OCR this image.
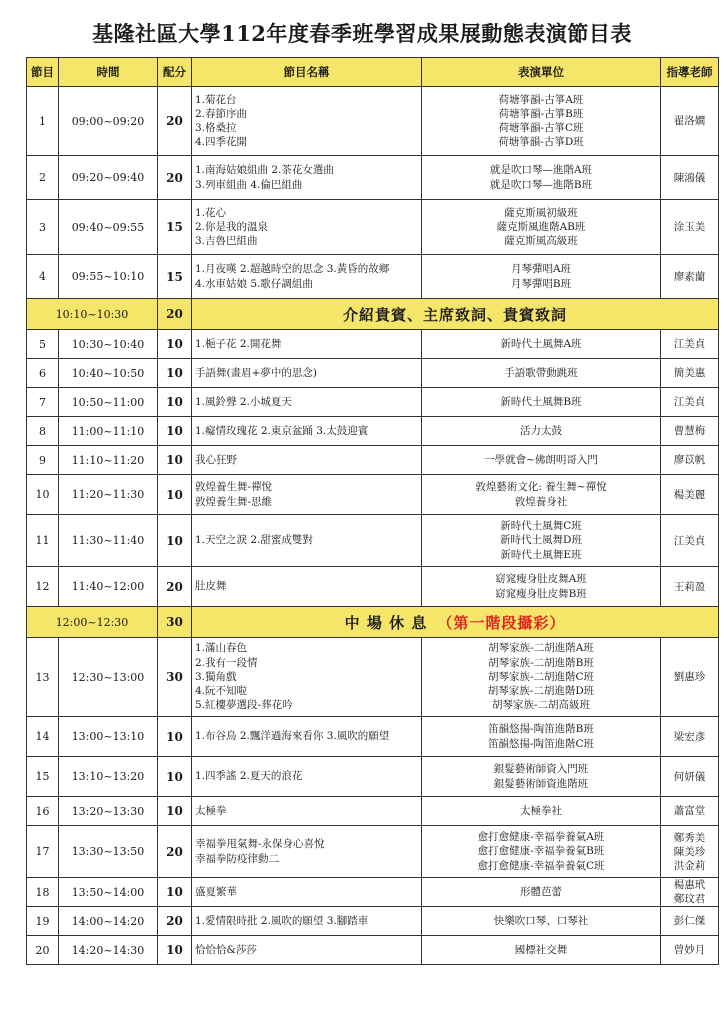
基隆社區大學112年度春季班學習成果展動態表演節目表
節目	時間	配分	節目名稱	表演單位	指導老師
1	09:00~09:20	20	1.菊花台
2.春節序曲
3.格桑拉
4.四季花開	荷塘箏韻-古箏A班
荷塘箏韻-古箏B班
荷塘箏韻-古箏C班
荷塘箏韻-古箏D班	翟洛嫺

2	09:20~09:40	20	1.南海姑娘組曲 2.茶花女選曲
3.列車組曲 4.倫巴組曲	就是吹口琴—進階A班
就是吹口琴—進階B班	陳鴻儀

3	09:40~09:55	15	1.花心
2.你是我的溫泉
3.吉魯巴組曲	薩克斯風初級班
薩克斯風進階AB班
薩克斯風高級班	涂玉美

4	09:55~10:10	15	1.月夜嘆 2.超越時空的思念 3.黃昏的故鄉
4.水車姑娘 5.歌仔調組曲	月琴彈唱A班
月琴彈唱B班	廖素蘭

10:10~10:30		20	介紹貴賓、主席致詞、貴賓致詞		
5	10:30~10:40	10	1.梔子花 2.開花舞	新時代土風舞A班	江美貞

6	10:40~10:50	10	手語舞(畫眉+夢中的思念)	手語歌帶動跳班	簡美惠

7	10:50~11:00	10	1.風鈴聲 2.小城夏天	新時代土風舞B班	江美貞

8	11:00~11:10	10	1.癡情玫瑰花 2.東京盆踊 3.太鼓迎賓	活力太鼓	曹慧梅

9	11:10~11:20	10	我心狂野	一學就會~佛朗明哥入門	廖苡帆

10	11:20~11:30	10	敦煌養生舞-禪悅
敦煌養生舞-思維	敦煌藝術文化: 養生舞~禪悅
敦煌養身社	楊美麗

11	11:30~11:40	10	1.天空之淚 2.甜蜜成雙對	新時代土風舞C班
新時代土風舞D班
新時代土風舞E班	江美貞

12	11:40~12:00	20	肚皮舞	窈窕瘦身肚皮舞A班
窈窕瘦身肚皮舞B班	王莉盈

12:00~12:30		30	中 場 休 息 （第一階段攝彩）		
13	12:30~13:00	30	1.滿山春色
2.我有一段情
3.獨角戲
4.阮不知啦
5.紅樓夢選段-葬花吟	胡琴家族-二胡進階A班
胡琴家族-二胡進階B班
胡琴家族-二胡進階C班
胡琴家族-二胡進階D班
胡琴家族-二胡高級班	劉惠珍

14	13:00~13:10	10	1.布谷鳥 2.飄洋過海來看你 3.風吹的願望	笛韻悠揚-陶笛進階B班
笛韻悠揚-陶笛進階C班	梁宏彥

15	13:10~13:20	10	1.四季謠 2.夏天的浪花	銀髮藝術師資入門班
銀髮藝術師資進階班	何妍儀

16	13:20~13:30	10	太極拳	太極拳社	蕭富堂

17	13:30~13:50	20	幸福拳甩氣舞-永保身心喜悅
幸福拳防疫律動二	愈打愈健康-幸福拳養氣A班
愈打愈健康-幸福拳養氣B班
愈打愈健康-幸福拳養氣C班	鄭秀美
陳美珍
洪金莉

18	13:50~14:00	10	盛夏繁華	形體芭蕾	楊惠玳
鄭玟君

19	14:00~14:20	20	1.愛情限時批 2.風吹的願望 3.腳踏車	快樂吹口琴、口琴社	彭仁傑

20	14:20~14:30	10	恰恰恰&莎莎	國標社交舞	曾妙月
